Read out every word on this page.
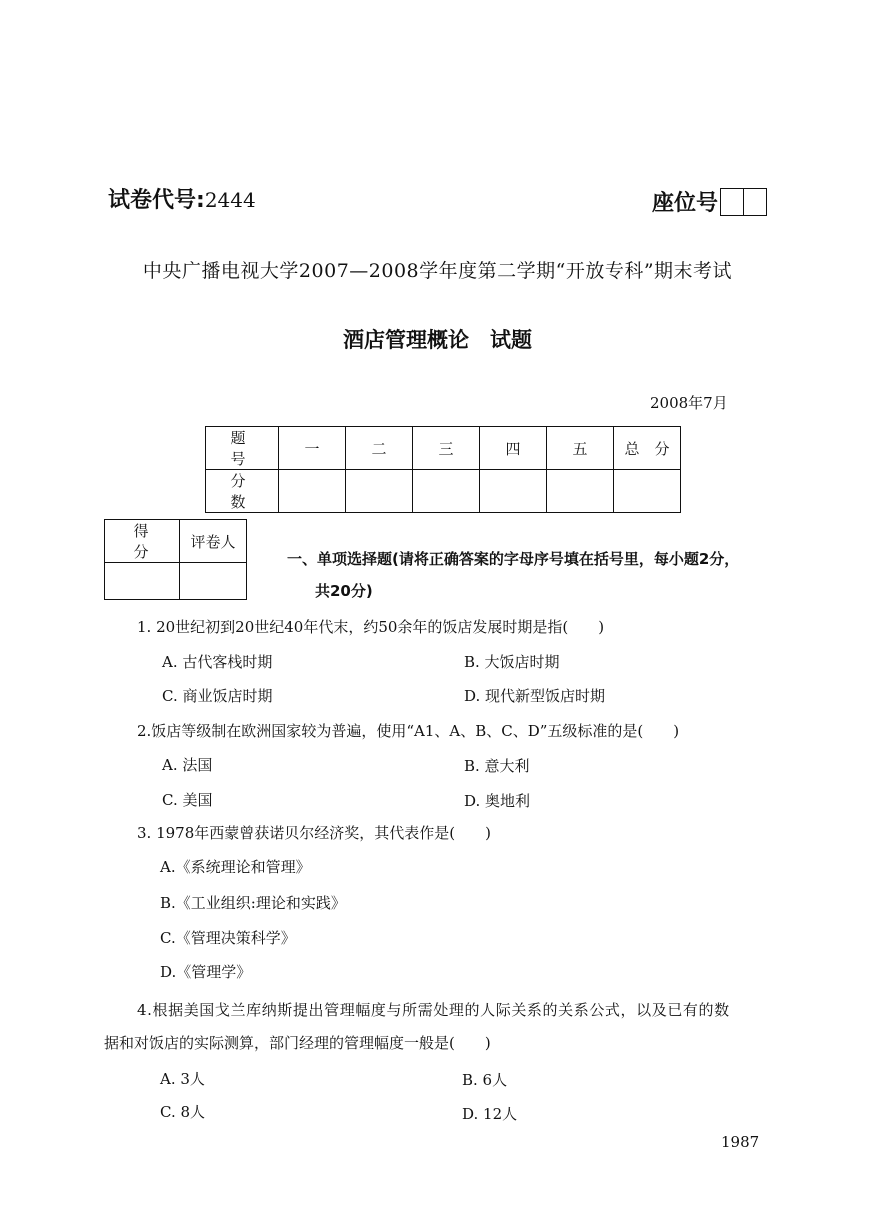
试卷代号:2444	座位号
中央广播电视大学2007—2008学年度第二学期“开放专科”期末考试
酒店管理概论　试题
2008年7月
题　号	一	二	三	四	五	总　分
分　数						
得　分	评卷人

一、单项选择题(请将正确答案的字母序号填在括号里，每小题2分，
共20分)
1. 20世纪初到20世纪40年代末，约50余年的饭店发展时期是指(　　)
A. 古代客栈时期	B. 大饭店时期
C. 商业饭店时期	D. 现代新型饭店时期
2.饭店等级制在欧洲国家较为普遍，使用“A1、A、B、C、D”五级标准的是(　　)
A. 法国	B. 意大利
C. 美国	D. 奥地利
3. 1978年西蒙曾获诺贝尔经济奖，其代表作是(　　)
A.《系统理论和管理》
B.《工业组织:理论和实践》
C.《管理决策科学》
D.《管理学》
4.根据美国戈兰库纳斯提出管理幅度与所需处理的人际关系的关系公式，以及已有的数
据和对饭店的实际测算，部门经理的管理幅度一般是(　　)
A. 3人	B. 6人
C. 8人	D. 12人
1987
